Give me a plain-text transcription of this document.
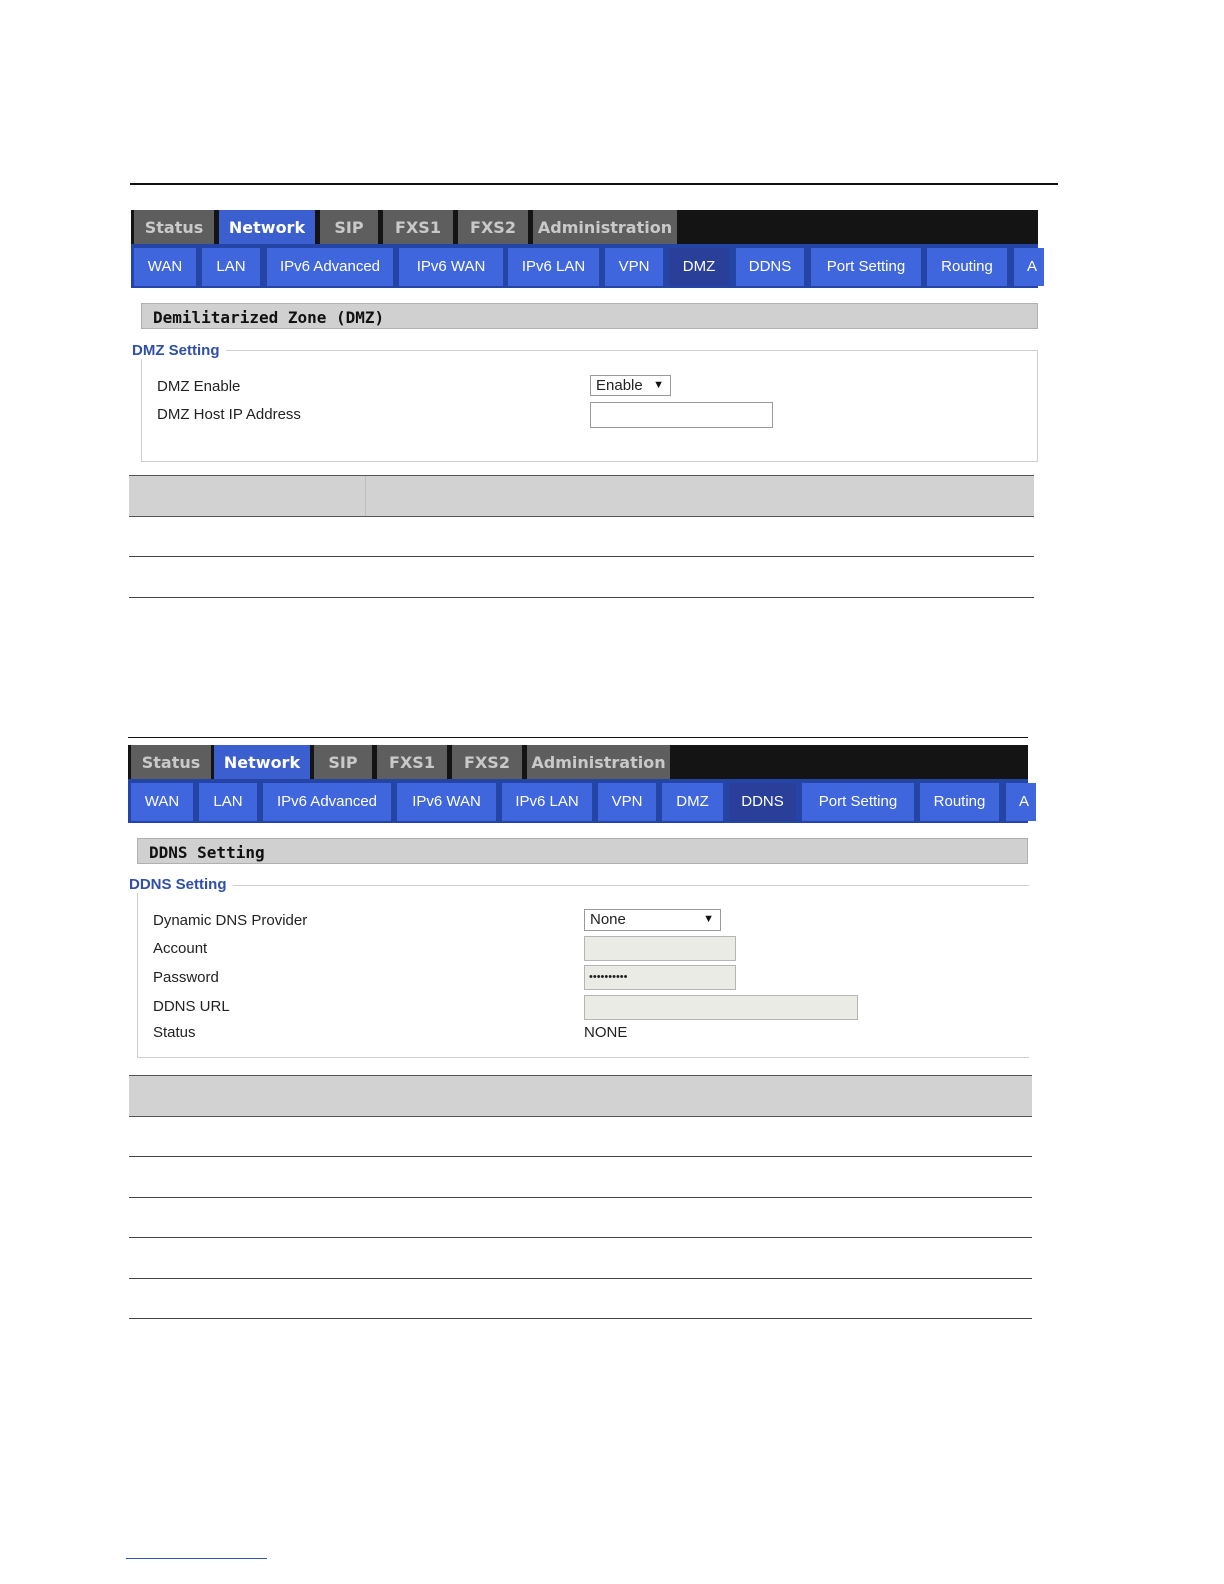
Status	Network	SIP	FXS1	FXS2	Administration
WAN	LAN	IPv6 Advanced	IPv6 WAN	IPv6 LAN	VPN	DMZ	DDNS	Port Setting	Routing	A
Demilitarized Zone (DMZ)
DMZ Setting
DMZ Enable	Enable ▼
DMZ Host IP Address
Status	Network	SIP	FXS1	FXS2	Administration
WAN	LAN	IPv6 Advanced	IPv6 WAN	IPv6 LAN	VPN	DMZ	DDNS	Port Setting	Routing	A
DDNS Setting
DDNS Setting
Dynamic DNS Provider	None	▼
Account
Password	••••••••••
DDNS URL
Status	NONE
